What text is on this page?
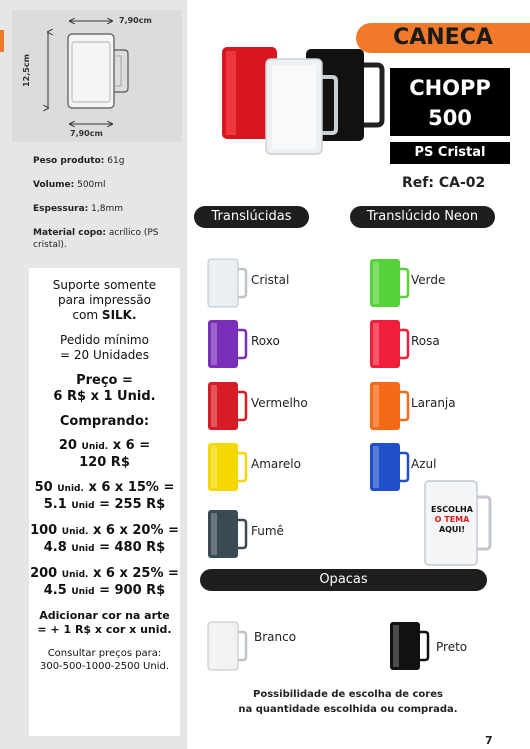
7,90cm
12,5cm
7,90cm
Peso produto: 61g
Volume: 500ml
Espessura: 1,8mm
Material copo: acrílico (PS cristal).
Suporte somente
para impressão
com SILK.
Pedido mínimo
= 20 Unidades
Preço =
6 R$ x 1 Unid.
Comprando:
20 Unid. x 6 =
120 R$
50 Unid. x 6 x 15% =
5.1 Unid = 255 R$
100 Unid. x 6 x 20% =
4.8 Unid = 480 R$
200 Unid. x 6 x 25% =
4.5 Unid = 900 R$
Adicionar cor na arte
= + 1 R$ x cor x unid.
Consultar preços para:
300-500-1000-2500 Unid.
CANECA
CHOPP
500
PS Cristal
Ref: CA-02
Translúcidas	Translúcido Neon
Opacas
Cristal
Roxo
Vermelho
Amarelo
Fumê
Verde
Rosa
Laranja
Azul
Branco
Preto
ESCOLHA
O TEMA
AQUI!
Possibilidade de escolha de cores
na quantidade escolhida ou comprada.
7
